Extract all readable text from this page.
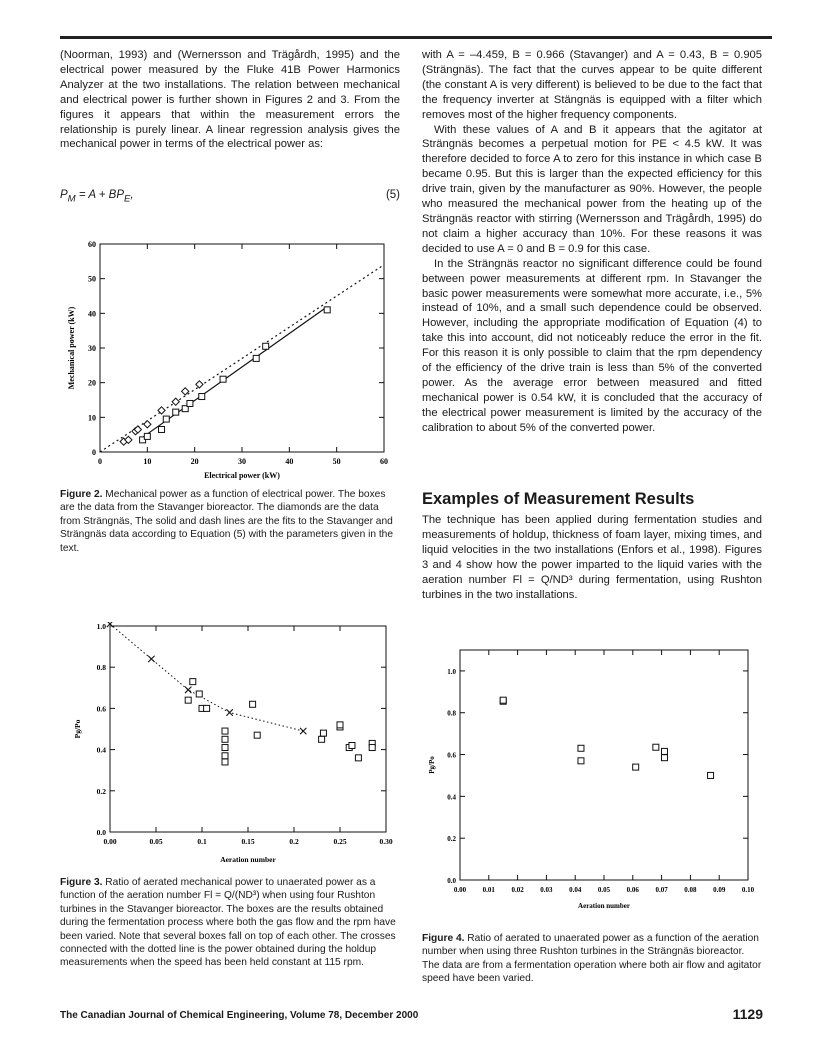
(Noorman, 1993) and (Wernersson and Trägårdh, 1995) and the electrical power measured by the Fluke 41B Power Harmonics Analyzer at the two installations. The relation between mechanical and electrical power is further shown in Figures 2 and 3. From the figures it appears that within the measurement errors the relationship is purely linear. A linear regression analysis gives the mechanical power in terms of the electrical power as:

$P_M = A + BP_E$,	(5)

with A = –4.459, B = 0.966 (Stavanger) and A = 0.43, B = 0.905 (Strängnäs). The fact that the curves appear to be quite different (the constant A is very different) is believed to be due to the fact that the frequency inverter at Stängnäs is equipped with a filter which removes most of the higher frequency components.

With these values of A and B it appears that the agitator at Strängnäs becomes a perpetual motion for PE < 4.5 kW. It was therefore decided to force A to zero for this instance in which case B became 0.95. But this is larger than the expected efficiency for this drive train, given by the manufacturer as 90%. However, the people who measured the mechanical power from the heating up of the Strängnäs reactor with stirring (Wernersson and Trägårdh, 1995) do not claim a higher accuracy than 10%. For these reasons it was decided to use A = 0 and B = 0.9 for this case.

In the Strängnäs reactor no significant difference could be found between power measurements at different rpm. In Stavanger the basic power measurements were somewhat more accurate, i.e., 5% instead of 10%, and a small such dependence could be observed. However, including the appropriate modification of Equation (4) to take this into account, did not noticeably reduce the error in the fit. For this reason it is only possible to claim that the rpm dependency of the efficiency of the drive train is less than 5% of the converted power. As the average error between measured and fitted mechanical power is 0.54 kW, it is concluded that the accuracy of the electrical power measurement is limited by the accuracy of the calibration to about 5% of the converted power.

Examples of Measurement Results

The technique has been applied during fermentation studies and measurements of holdup, thickness of foam layer, mixing times, and liquid velocities in the two installations (Enfors et al., 1998). Figures 3 and 4 show how the power imparted to the liquid varies with the aeration number Fl = Q/ND³ during fermentation, using Rushton turbines in the two installations.

0	10	20	30	40	50	60
0
10
20
30
40
50
60
Electrical power (kW)
Mechanical power (kW)
Figure 2. Mechanical power as a function of electrical power. The boxes are the data from the Stavanger bioreactor. The diamonds are the data from Strängnäs, The solid and dash lines are the fits to the Stavanger and Strängnäs data according to Equation (5) with the parameters given in the text.
0.00	0.05	0.1	0.15	0.2	0.25	0.30
0.0
0.2
0.4
0.6
0.8
1.0
Aeration number
Pg/Po
Figure 3. Ratio of aerated mechanical power to unaerated power as a function of the aeration number Fl = Q/(ND³) when using four Rushton turbines in the Stavanger bioreactor. The boxes are the results obtained during the fermentation process where both the gas flow and the rpm have been varied. Note that several boxes fall on top of each other. The crosses connected with the dotted line is the power obtained during the holdup measurements when the speed has been held constant at 115 rpm.
0.00 0.01 0.02 0.03 0.04 0.05 0.06 0.07 0.08 0.09 0.10
0.0
0.2
0.4
0.6
0.8
1.0
Aeration number
Pg/Po
Figure 4. Ratio of aerated to unaerated power as a function of the aeration number when using three Rushton turbines in the Strängnäs bioreactor. The data are from a fermentation operation where both air flow and agitator speed have been varied.
The Canadian Journal of Chemical Engineering, Volume 78, December 2000	1129
